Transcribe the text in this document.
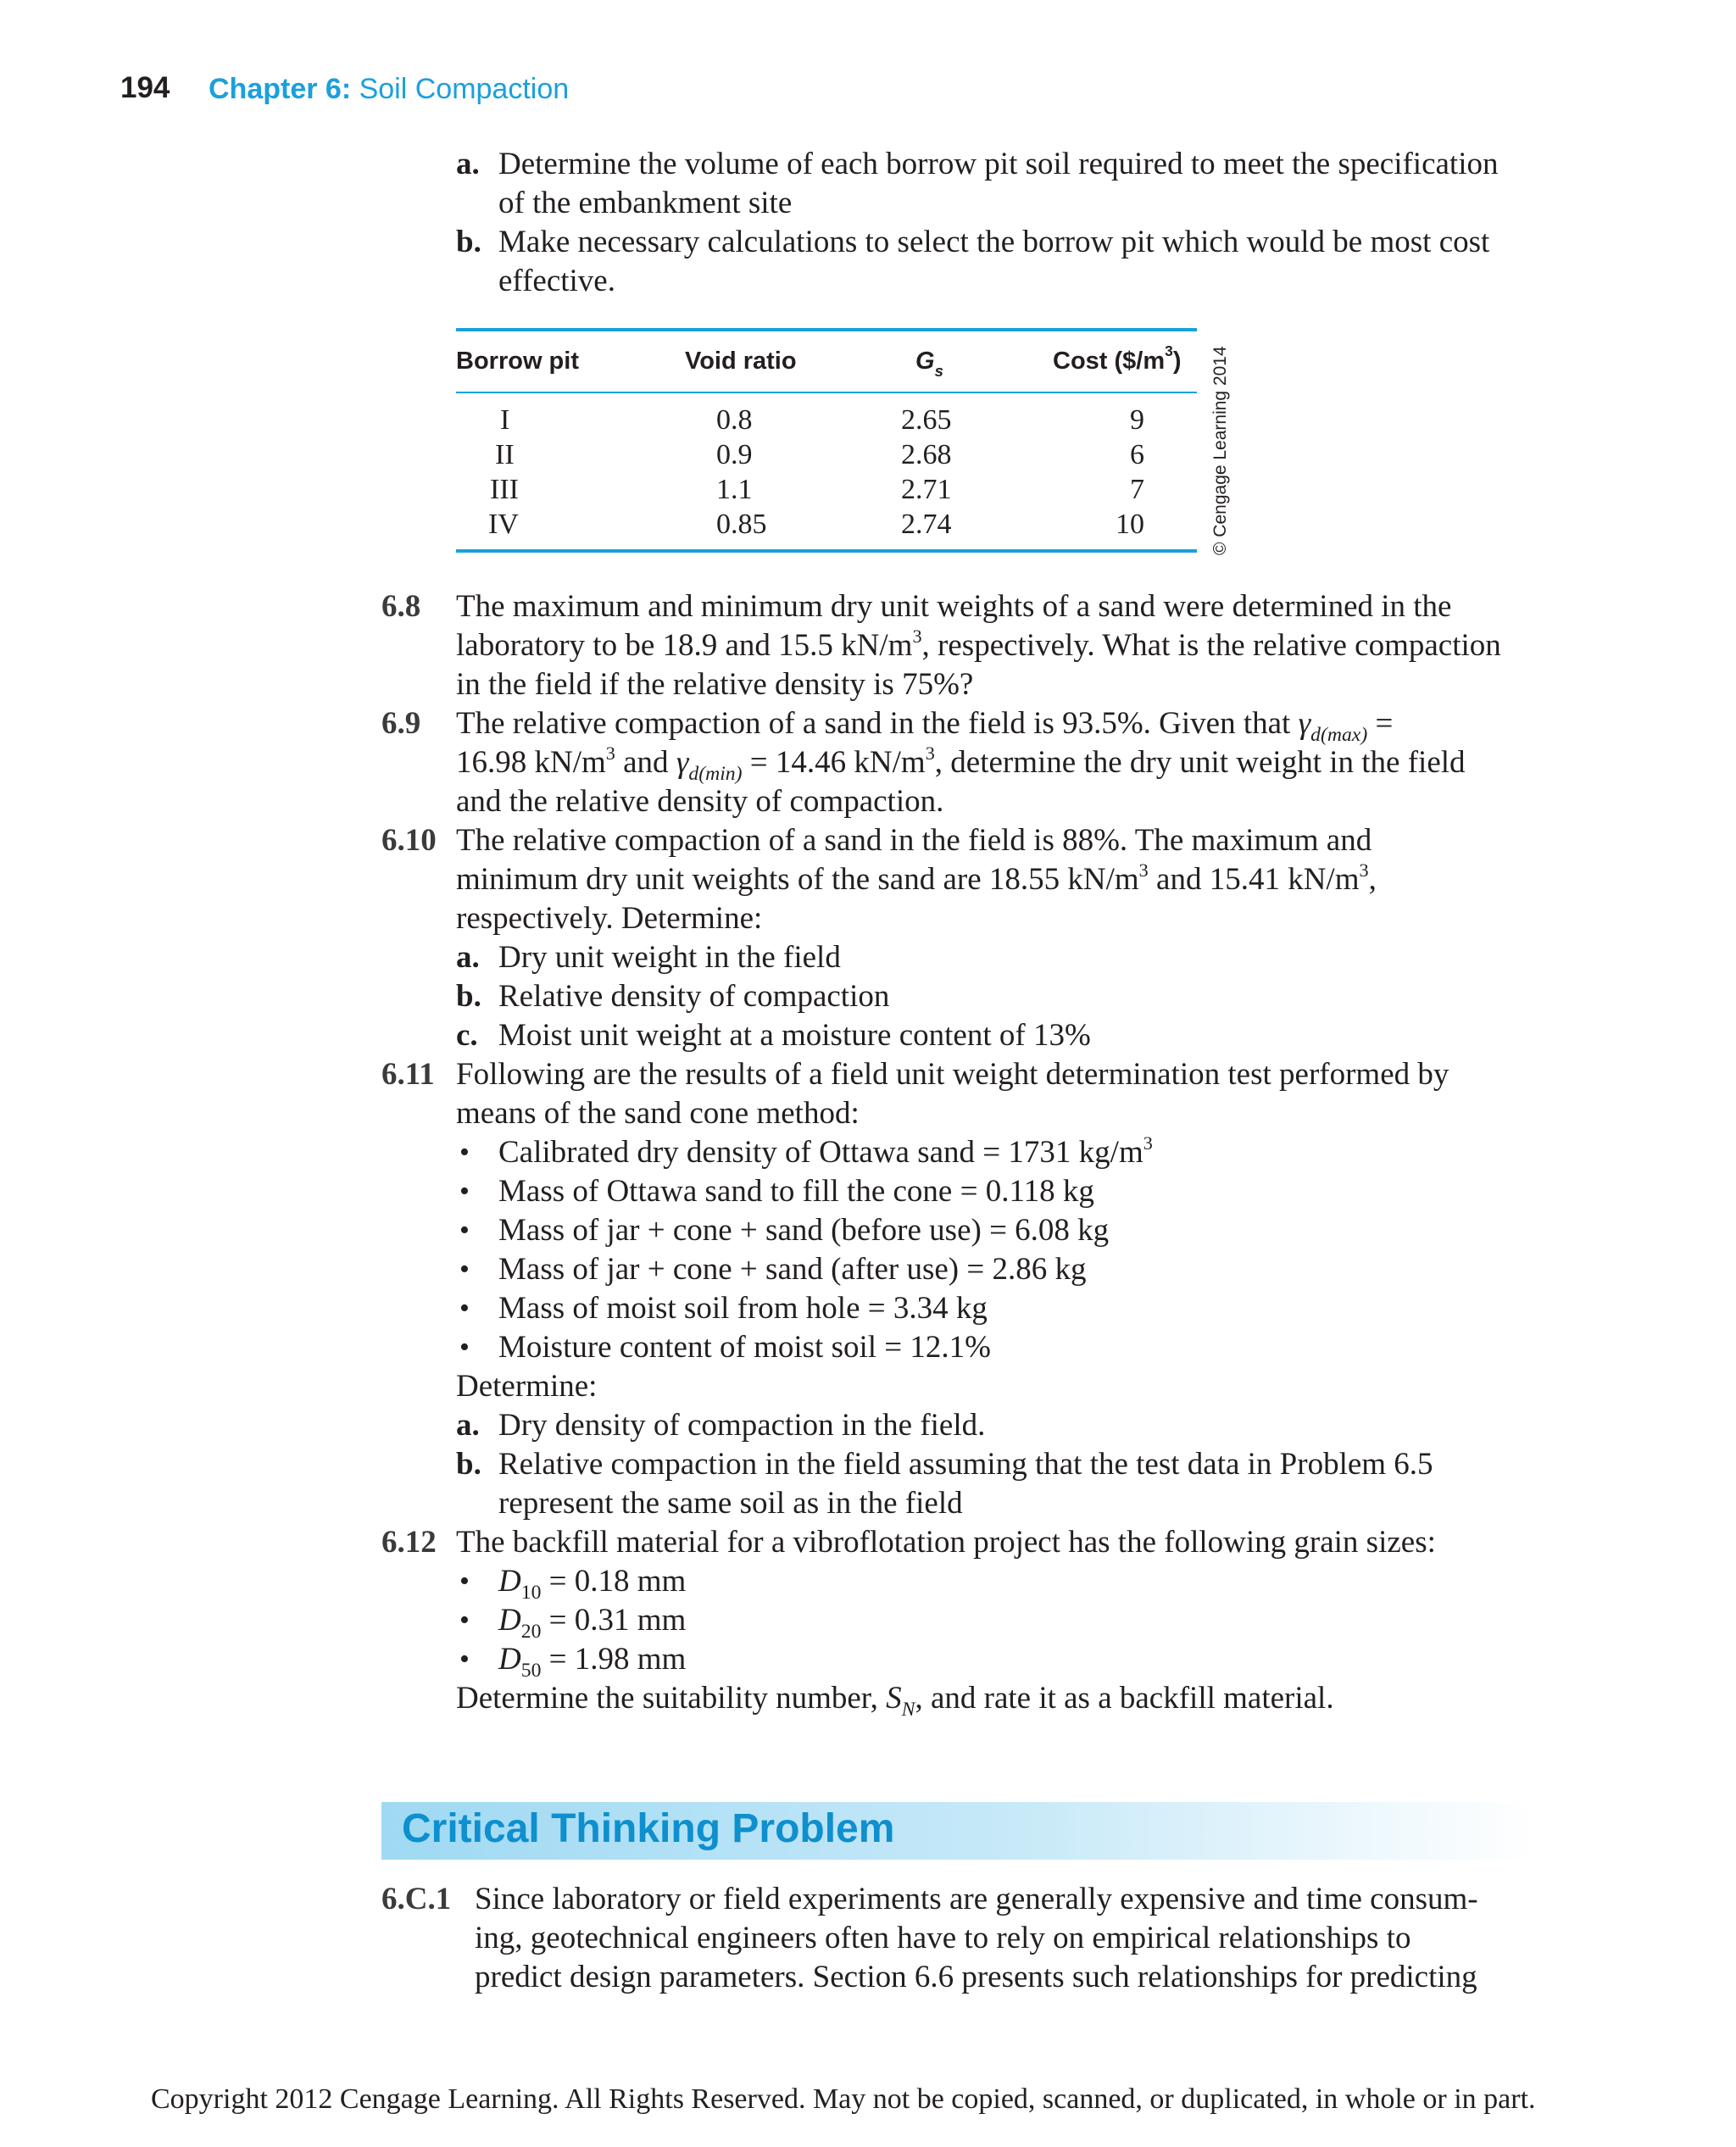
194 Chapter 6: Soil Compaction
a. Determine the volume of each borrow pit soil required to meet the specification
of the embankment site
b. Make necessary calculations to select the borrow pit which would be most cost
effective.
Borrow pit	Void ratio	$G_s$	Cost $(\$/m^3)$
I	0.8	2.65	9
II	0.9	2.68	6
III	1.1	2.71	7
IV	0.85	2.74	10	© Cengage Learning 2014
6.8 The maximum and minimum dry unit weights of a sand were determined in the
laboratory to be 18.9 and 15.5 $kN/m^3$, respectively. What is the relative compaction
in the field if the relative density is 75%?
6.9 The relative compaction of a sand in the field is 93.5%. Given that $\gamma_{d(max)}$ =
16.98 $kN/m^3$ and $\gamma_{d(min)} = 14.46$ $kN/m^3$, determine the dry unit weight in the field
and the relative density of compaction.
6.10 The relative compaction of a sand in the field is 88%. The maximum and
minimum dry unit weights of the sand are 18.55 $kN/m^3$ and 15.41 $kN/m^3$,
respectively. Determine:
a. Dry unit weight in the field
b. Relative density of compaction
c. Moist unit weight at a moisture content of 13%
6.11 Following are the results of a field unit weight determination test performed by
means of the sand cone method:
• Calibrated dry density of Ottawa sand = 1731 $kg/m^3$
• Mass of Ottawa sand to fill the cone = 0.118 kg
• Mass of jar + cone + sand (before use) = 6.08 kg
• Mass of jar + cone + sand (after use) = 2.86 kg
• Mass of moist soil from hole = 3.34 kg
• Moisture content of moist soil = 12.1%
Determine:
a. Dry density of compaction in the field.
b. Relative compaction in the field assuming that the test data in Problem 6.5
represent the same soil as in the field
6.12 The backfill material for a vibroflotation project has the following grain sizes:
• $D_{10} = 0.18$ mm
• $D_{20} = 0.31$ mm
• $D_{50} = 1.98$ mm
Determine the suitability number, $S_N$, and rate it as a backfill material.
Critical Thinking Problem
6.C.1 Since laboratory or field experiments are generally expensive and time consum-
ing, geotechnical engineers often have to rely on empirical relationships to
predict design parameters. Section 6.6 presents such relationships for predicting
Copyright 2012 Cengage Learning. All Rights Reserved. May not be copied, scanned, or duplicated, in whole or in part.
